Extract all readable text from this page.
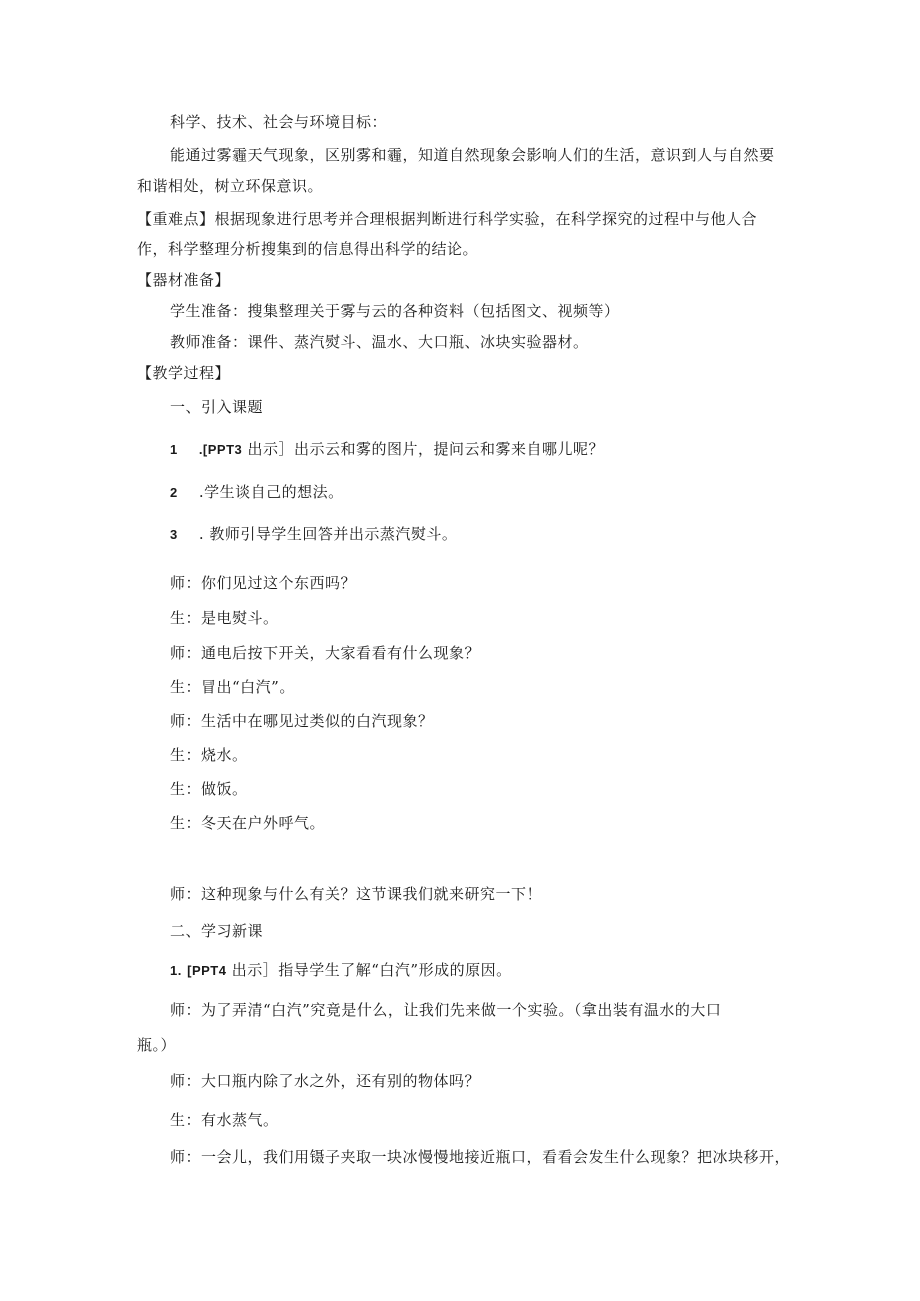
科学、技术、社会与环境目标：
能通过雾霾天气现象，区别雾和霾，知道自然现象会影响人们的生活，意识到人与自然要
和谐相处，树立环保意识。
【重难点】根据现象进行思考并合理根据判断进行科学实验，在科学探究的过程中与他人合
作，科学整理分析搜集到的信息得出科学的结论。
【器材准备】
学生准备：搜集整理关于雾与云的各种资料（包括图文、视频等）
教师准备：课件、蒸汽熨斗、温水、大口瓶、冰块实验器材。
【教学过程】
一、引入课题
1 .[PPT3 出示］出示云和雾的图片，提问云和雾来自哪儿呢？
2 .学生谈自己的想法。
3 . 教师引导学生回答并出示蒸汽熨斗。
师：你们见过这个东西吗？
生：是电熨斗。
师：通电后按下开关，大家看看有什么现象？
生：冒出“白汽”。
师：生活中在哪见过类似的白汽现象？
生：烧水。
生：做饭。
生：冬天在户外呼气。
师：这种现象与什么有关？这节课我们就来研究一下！
二、学习新课
1. [PPT4 出示］指导学生了解“白汽”形成的原因。
师：为了弄清“白汽”究竟是什么，让我们先来做一个实验。（拿出装有温水的大口
瓶。）
师：大口瓶内除了水之外，还有别的物体吗？
生：有水蒸气。
师：一会儿，我们用镊子夹取一块冰慢慢地接近瓶口，看看会发生什么现象？把冰块移开，
